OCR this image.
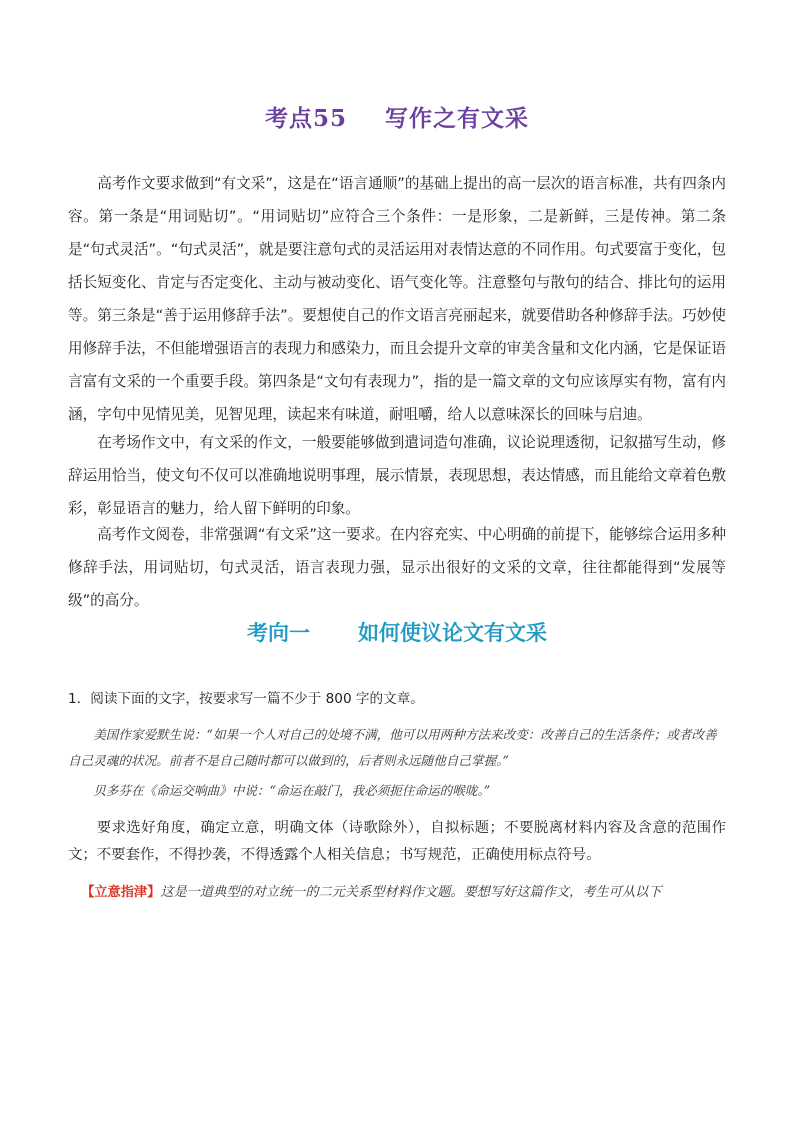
考点55 写作之有文采

高考作文要求做到“有文采”，这是在“语言通顺”的基础上提出的高一层次的语言标准，共有四条内容。第一条是“用词贴切”。“用词贴切”应符合三个条件：一是形象，二是新鲜，三是传神。第二条是“句式灵活”。“句式灵活”，就是要注意句式的灵活运用对表情达意的不同作用。句式要富于变化，包括长短变化、肯定与否定变化、主动与被动变化、语气变化等。注意整句与散句的结合、排比句的运用等。第三条是“善于运用修辞手法”。要想使自己的作文语言亮丽起来，就要借助各种修辞手法。巧妙使用修辞手法，不但能增强语言的表现力和感染力，而且会提升文章的审美含量和文化内涵，它是保证语言富有文采的一个重要手段。第四条是“文句有表现力”，指的是一篇文章的文句应该厚实有物，富有内涵，字句中见情见美，见智见理，读起来有味道，耐咀嚼，给人以意味深长的回味与启迪。

在考场作文中，有文采的作文，一般要能够做到遣词造句准确，议论说理透彻，记叙描写生动，修辞运用恰当，使文句不仅可以准确地说明事理，展示情景，表现思想，表达情感，而且能给文章着色敷彩，彰显语言的魅力，给人留下鲜明的印象。

高考作文阅卷，非常强调“有文采”这一要求。在内容充实、中心明确的前提下，能够综合运用多种修辞手法，用词贴切，句式灵活，语言表现力强，显示出很好的文采的文章，往往都能得到“发展等级”的高分。

考向一 如何使议论文有文采

1．阅读下面的文字，按要求写一篇不少于 800 字的文章。

美国作家爱默生说：“如果一个人对自己的处境不满，他可以用两种方法来改变：改善自己的生活条件；或者改善自己灵魂的状况。前者不是自己随时都可以做到的，后者则永远随他自己掌握。”

贝多芬在《命运交响曲》中说：“命运在敲门，我必须扼住命运的喉咙。”

要求选好角度，确定立意，明确文体（诗歌除外），自拟标题；不要脱离材料内容及含意的范围作文；不要套作，不得抄袭，不得透露个人相关信息；书写规范，正确使用标点符号。

【立意指津】这是一道典型的对立统一的二元关系型材料作文题。要想写好这篇作文，考生可从以下
